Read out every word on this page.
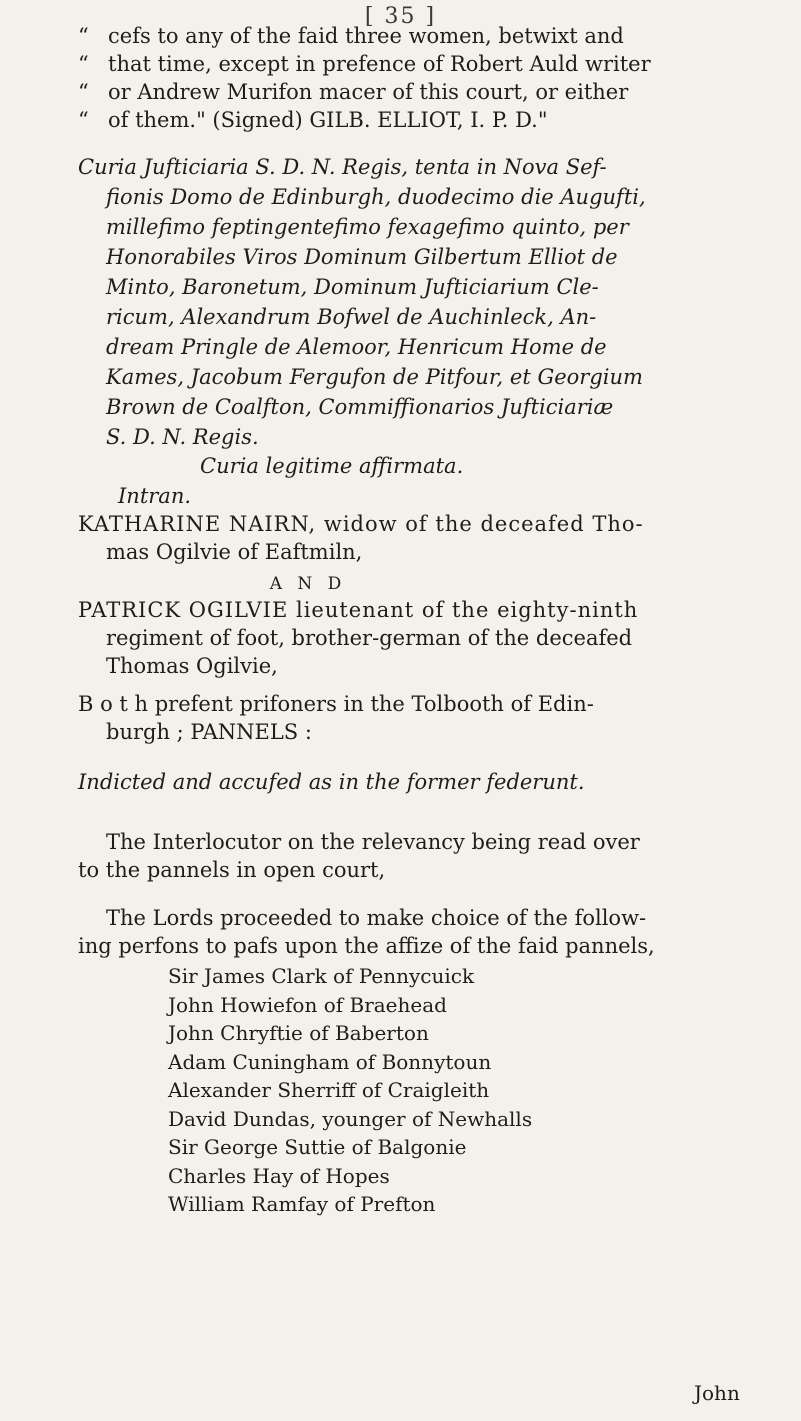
[ 35 ]
“ cefs to any of the faid three women, betwixt and
“ that time, except in prefence of Robert Auld writer
“ or Andrew Murifon macer of this court, or either
“ of them." (Signed) GILB. ELLIOT, I. P. D."
Curia Jufticiaria S. D. N. Regis, tenta in Nova Sef-
fionis Domo de Edinburgh, duodecimo die Augufti,
millefimo feptingentefimo fexagefimo quinto, per
Honorabiles Viros Dominum Gilbertum Elliot de
Minto, Baronetum, Dominum Jufticiarium Cle-
ricum, Alexandrum Bofwel de Auchinleck, An-
dream Pringle de Alemoor, Henricum Home de
Kames, Jacobum Fergufon de Pitfour, et Georgium
Brown de Coalfton, Commiffionarios Jufticiariæ
S. D. N. Regis.
Curia legitime affirmata.
Intran.
KATHARINE NAIRN, widow of the deceafed Tho-
mas Ogilvie of Eaftmiln,
A N D
PATRICK OGILVIE lieutenant of the eighty-ninth
regiment of foot, brother-german of the deceafed
Thomas Ogilvie,
B o t h prefent prifoners in the Tolbooth of Edin-
burgh ; PANNELS :
Indicted and accufed as in the former federunt.
The Interlocutor on the relevancy being read over
to the pannels in open court,
The Lords proceeded to make choice of the follow-
ing perfons to pafs upon the affize of the faid pannels,
Sir James Clark of Pennycuick
John Howiefon of Braehead
John Chryftie of Baberton
Adam Cuningham of Bonnytoun
Alexander Sherriff of Craigleith
David Dundas, younger of Newhalls
Sir George Suttie of Balgonie
Charles Hay of Hopes
William Ramfay of Prefton
John
